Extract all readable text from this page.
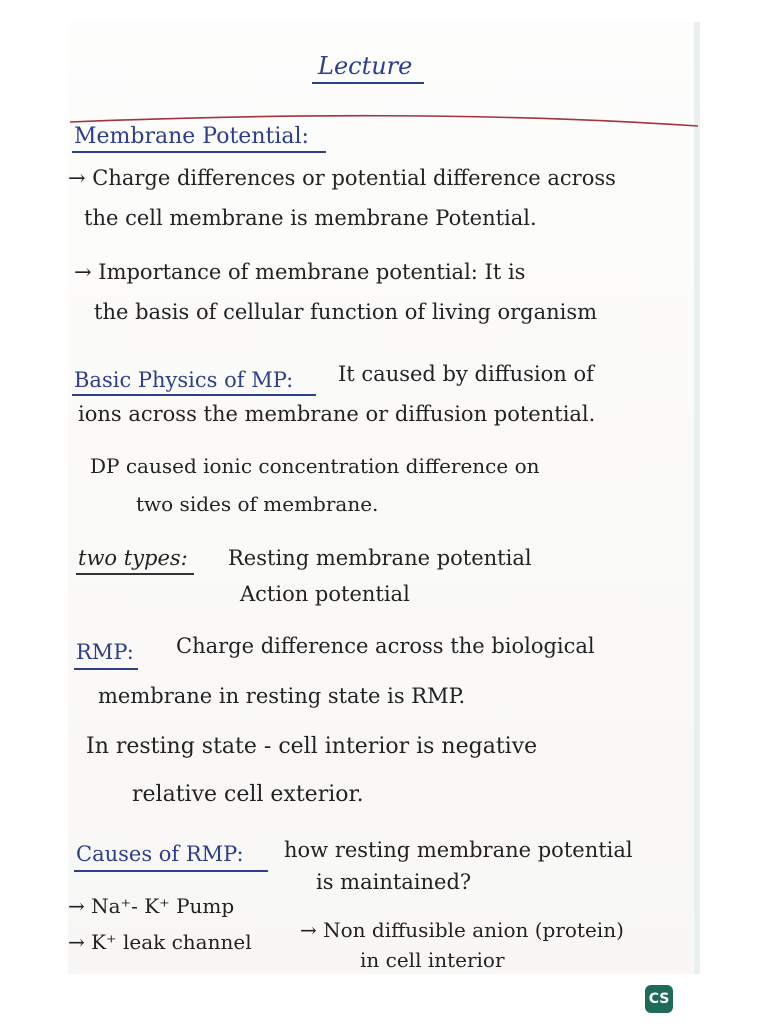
Lecture
Membrane Potential:
→ Charge differences or potential difference across
the cell membrane is membrane Potential.
→ Importance of membrane potential: It is
the basis of cellular function of living organism
Basic Physics of MP: It caused by diffusion of
ions across the membrane or diffusion potential.
DP caused ionic concentration difference on
two sides of membrane.
two types: Resting membrane potential
Action potential
RMP: Charge difference across the biological
membrane in resting state is RMP.
In resting state - cell interior is negative
relative cell exterior.
Causes of RMP: how resting membrane potential
is maintained?
→ Na⁺- K⁺ Pump
→ K⁺ leak channel → Non diffusible anion (protein)
in cell interior
CS
